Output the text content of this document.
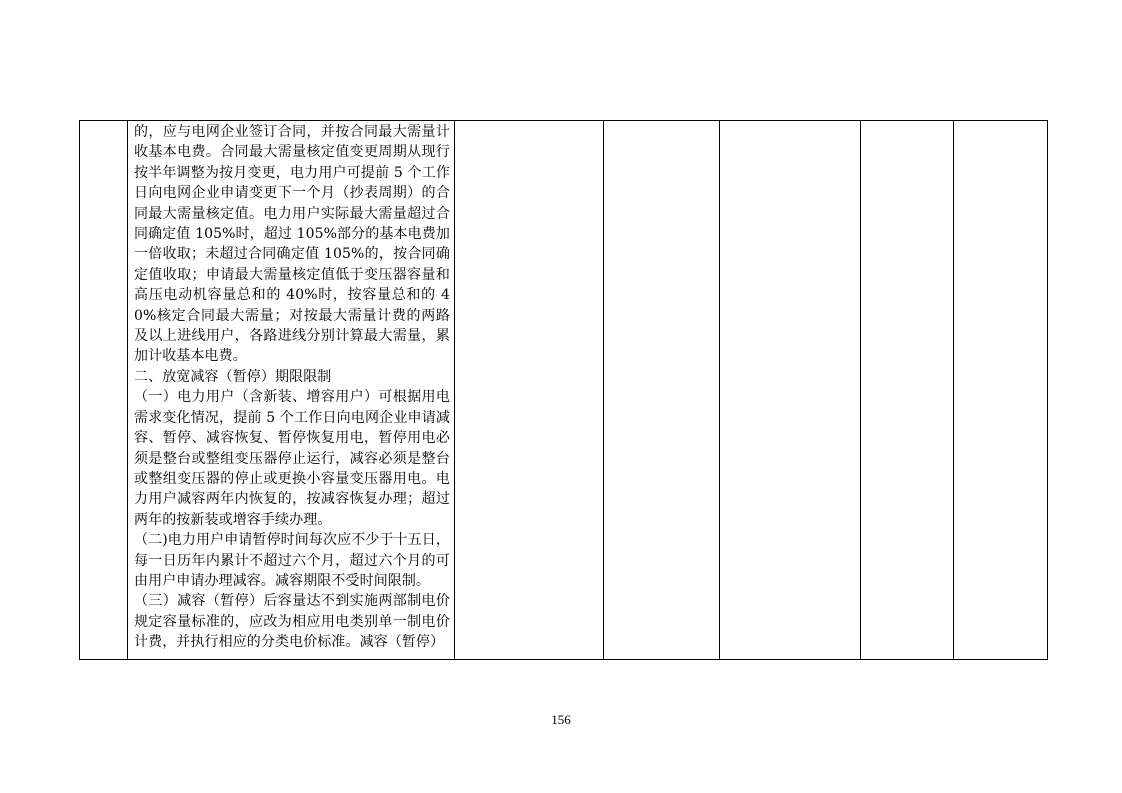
的，应与电网企业签订合同，并按合同最大需量计收基本电费。合同最大需量核定值变更周期从现行按半年调整为按月变更，电力用户可提前 5 个工作日向电网企业申请变更下一个月（抄表周期）的合同最大需量核定值。电力用户实际最大需量超过合同确定值 105%时，超过 105%部分的基本电费加一倍收取；未超过合同确定值 105%的，按合同确定值收取；申请最大需量核定值低于变压器容量和高压电动机容量总和的 40%时，按容量总和的 40%核定合同最大需量；对按最大需量计费的两路及以上进线用户，各路进线分别计算最大需量，累加计收基本电费。

二、放宽减容（暂停）期限限制

（一）电力用户（含新装、增容用户）可根据用电需求变化情况，提前 5 个工作日向电网企业申请减容、暂停、减容恢复、暂停恢复用电，暂停用电必须是整台或整组变压器停止运行，减容必须是整台或整组变压器的停止或更换小容量变压器用电。电力用户减容两年内恢复的，按减容恢复办理；超过两年的按新装或增容手续办理。

（二)电力用户申请暂停时间每次应不少于十五日，每一日历年内累计不超过六个月，超过六个月的可由用户申请办理减容。减容期限不受时间限制。

（三）减容（暂停）后容量达不到实施两部制电价规定容量标准的，应改为相应用电类别单一制电价计费，并执行相应的分类电价标准。减容（暂停）

156
